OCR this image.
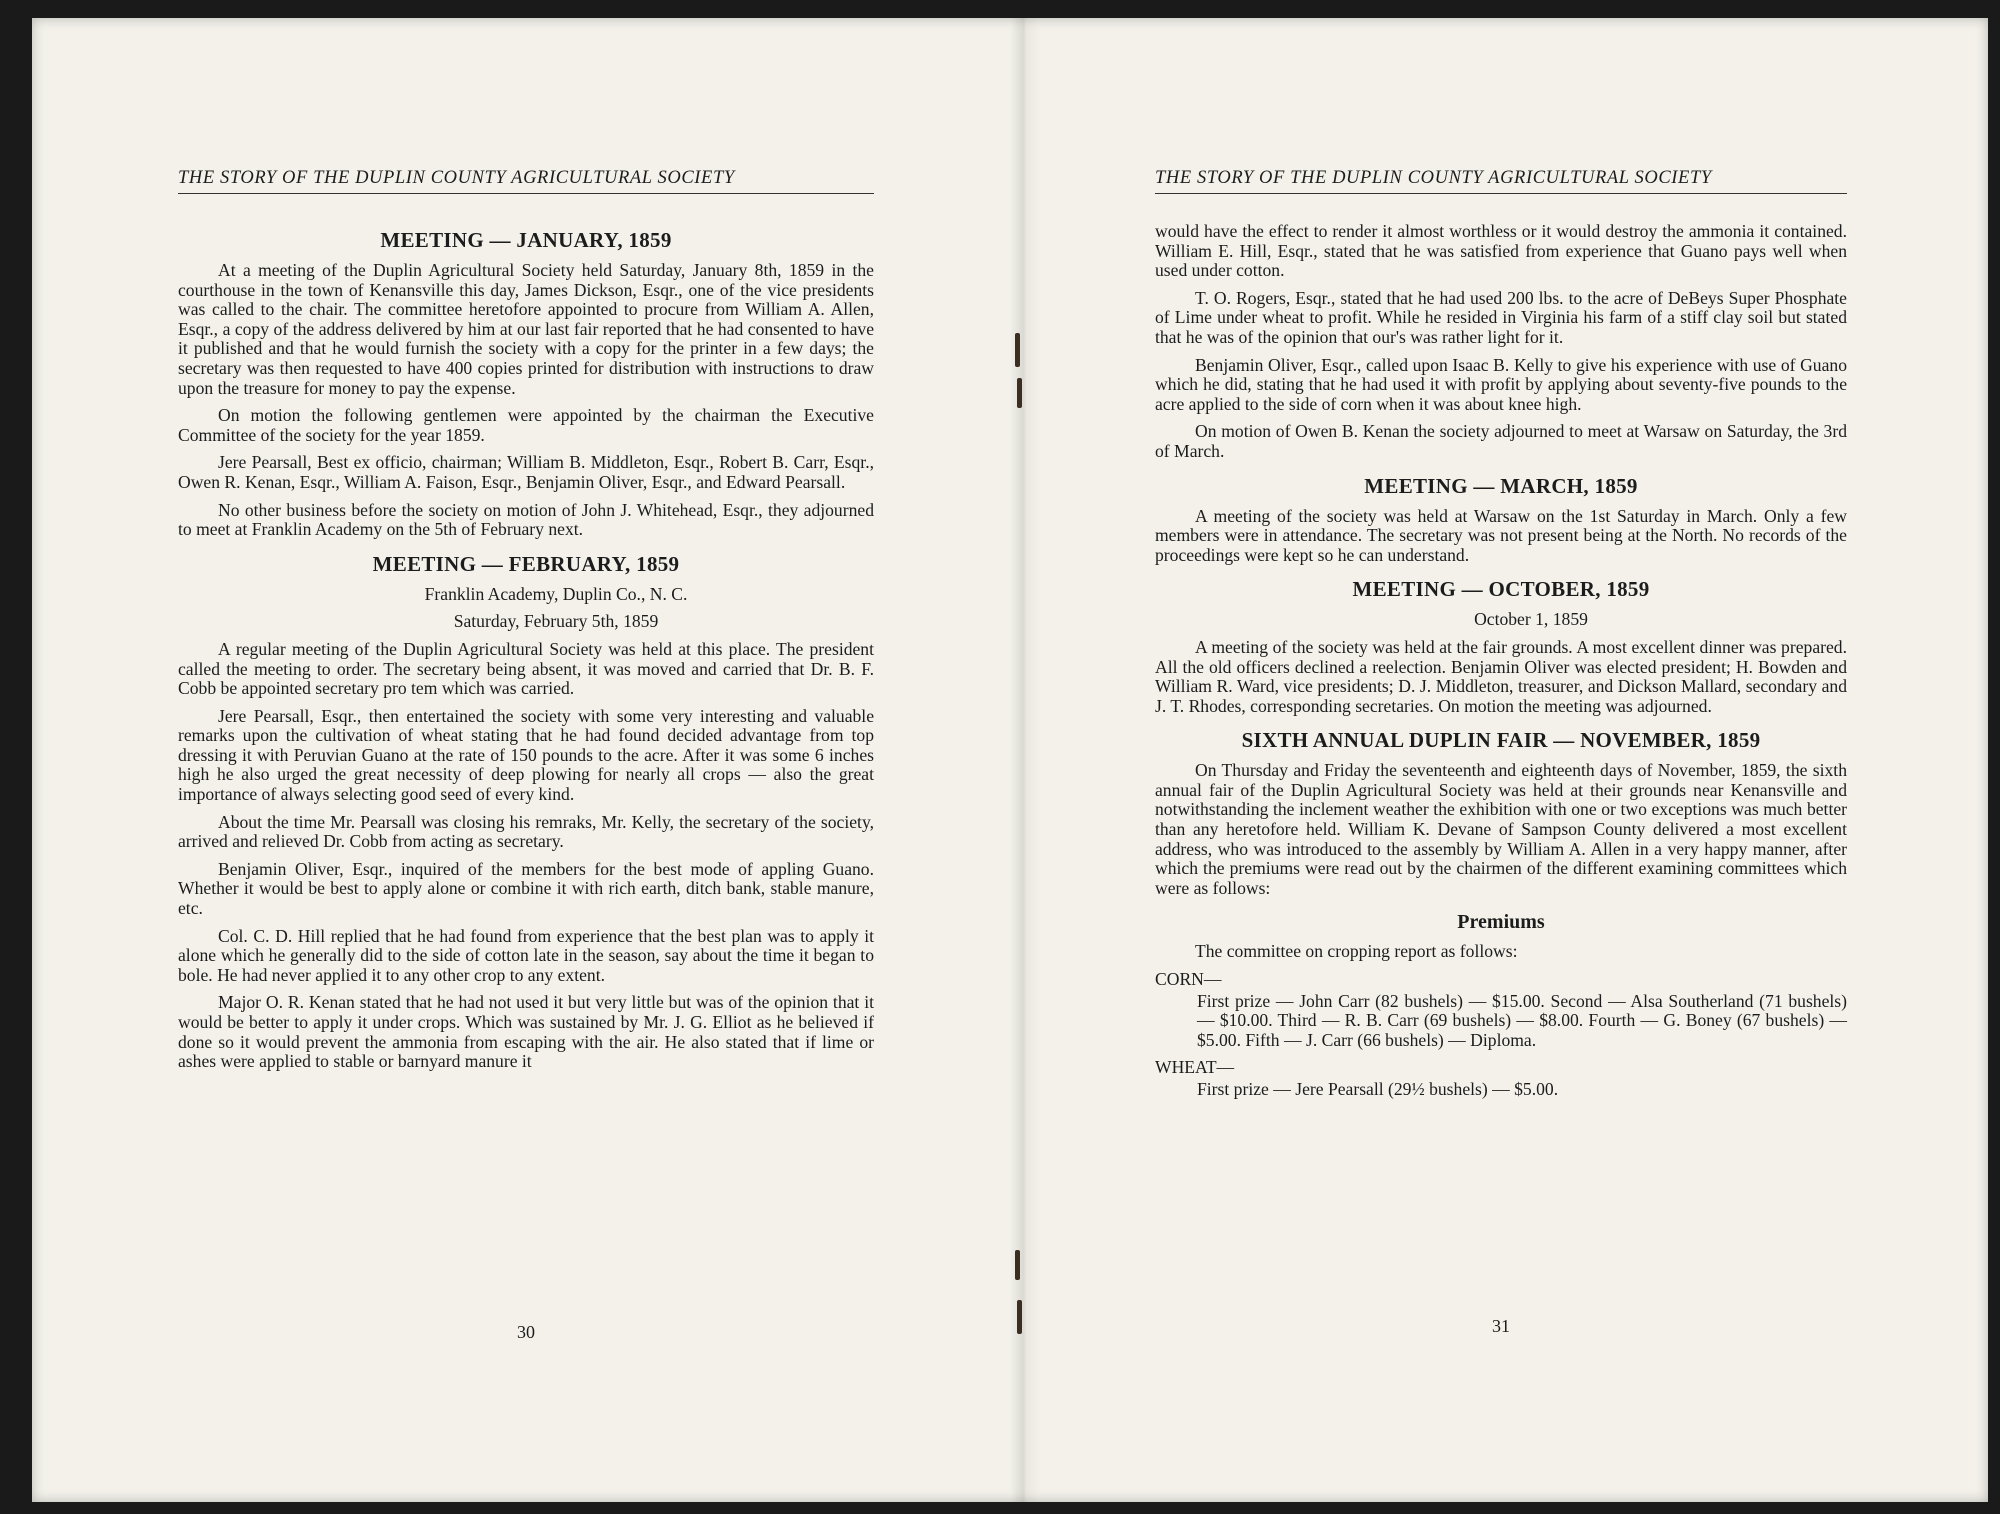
THE STORY OF THE DUPLIN COUNTY AGRICULTURAL SOCIETY
MEETING — JANUARY, 1859

At a meeting of the Duplin Agricultural Society held Saturday, January 8th, 1859 in the courthouse in the town of Kenansville this day, James Dickson, Esqr., one of the vice presidents was called to the chair. The committee heretofore appointed to procure from William A. Allen, Esqr., a copy of the address delivered by him at our last fair reported that he had consented to have it published and that he would furnish the society with a copy for the printer in a few days; the secretary was then requested to have 400 copies printed for distribution with instructions to draw upon the treasure for money to pay the expense.

On motion the following gentlemen were appointed by the chairman the Executive Committee of the society for the year 1859.

Jere Pearsall, Best ex officio, chairman; William B. Middleton, Esqr., Robert B. Carr, Esqr., Owen R. Kenan, Esqr., William A. Faison, Esqr., Benjamin Oliver, Esqr., and Edward Pearsall.

No other business before the society on motion of John J. Whitehead, Esqr., they adjourned to meet at Franklin Academy on the 5th of February next.

MEETING — FEBRUARY, 1859
Franklin Academy, Duplin Co., N. C.
Saturday, February 5th, 1859

A regular meeting of the Duplin Agricultural Society was held at this place. The president called the meeting to order. The secretary being absent, it was moved and carried that Dr. B. F. Cobb be appointed secretary pro tem which was carried.

Jere Pearsall, Esqr., then entertained the society with some very interesting and valuable remarks upon the cultivation of wheat stating that he had found decided advantage from top dressing it with Peruvian Guano at the rate of 150 pounds to the acre. After it was some 6 inches high he also urged the great necessity of deep plowing for nearly all crops — also the great importance of always selecting good seed of every kind.

About the time Mr. Pearsall was closing his remraks, Mr. Kelly, the secretary of the society, arrived and relieved Dr. Cobb from acting as secretary.

Benjamin Oliver, Esqr., inquired of the members for the best mode of appling Guano. Whether it would be best to apply alone or combine it with rich earth, ditch bank, stable manure, etc.

Col. C. D. Hill replied that he had found from experience that the best plan was to apply it alone which he generally did to the side of cotton late in the season, say about the time it began to bole. He had never applied it to any other crop to any extent.

Major O. R. Kenan stated that he had not used it but very little but was of the opinion that it would be better to apply it under crops. Which was sustained by Mr. J. G. Elliot as he believed if done so it would prevent the ammonia from escaping with the air. He also stated that if lime or ashes were applied to stable or barnyard manure it

30
THE STORY OF THE DUPLIN COUNTY AGRICULTURAL SOCIETY

would have the effect to render it almost worthless or it would destroy the ammonia it contained. William E. Hill, Esqr., stated that he was satisfied from experience that Guano pays well when used under cotton.

T. O. Rogers, Esqr., stated that he had used 200 lbs. to the acre of DeBeys Super Phosphate of Lime under wheat to profit. While he resided in Virginia his farm of a stiff clay soil but stated that he was of the opinion that our's was rather light for it.

Benjamin Oliver, Esqr., called upon Isaac B. Kelly to give his experience with use of Guano which he did, stating that he had used it with profit by applying about seventy-five pounds to the acre applied to the side of corn when it was about knee high.

On motion of Owen B. Kenan the society adjourned to meet at Warsaw on Saturday, the 3rd of March.

MEETING — MARCH, 1859

A meeting of the society was held at Warsaw on the 1st Saturday in March. Only a few members were in attendance. The secretary was not present being at the North. No records of the proceedings were kept so he can understand.

MEETING — OCTOBER, 1859
October 1, 1859

A meeting of the society was held at the fair grounds. A most excellent dinner was prepared. All the old officers declined a reelection. Benjamin Oliver was elected president; H. Bowden and William R. Ward, vice presidents; D. J. Middleton, treasurer, and Dickson Mallard, secondary and J. T. Rhodes, corresponding secretaries. On motion the meeting was adjourned.

SIXTH ANNUAL DUPLIN FAIR — NOVEMBER, 1859

On Thursday and Friday the seventeenth and eighteenth days of November, 1859, the sixth annual fair of the Duplin Agricultural Society was held at their grounds near Kenansville and notwithstanding the inclement weather the exhibition with one or two exceptions was much better than any heretofore held. William K. Devane of Sampson County delivered a most excellent address, who was introduced to the assembly by William A. Allen in a very happy manner, after which the premiums were read out by the chairmen of the different examining committees which were as follows:

Premiums

The committee on cropping report as follows:

CORN—

First prize — John Carr (82 bushels) — $15.00. Second — Alsa Southerland (71 bushels) — $10.00. Third — R. B. Carr (69 bushels) — $8.00. Fourth — G. Boney (67 bushels) — $5.00. Fifth — J. Carr (66 bushels) — Diploma.

WHEAT—

First prize — Jere Pearsall (29½ bushels) — $5.00.

31
